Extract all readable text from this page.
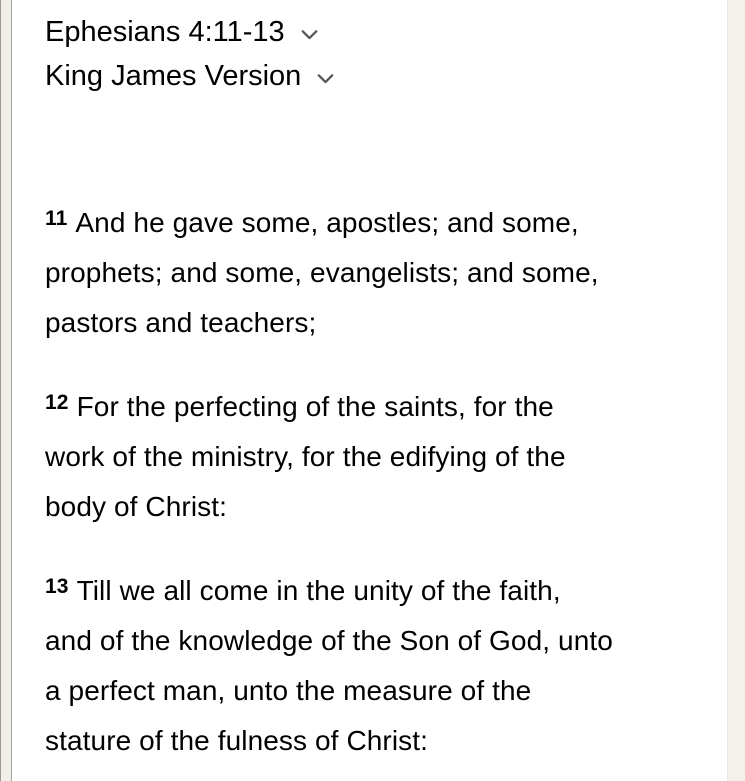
Ephesians 4:11-13
King James Version

$^{11}$ And he gave some, apostles; and some,
prophets; and some, evangelists; and some,
pastors and teachers;

$^{12}$ For the perfecting of the saints, for the
work of the ministry, for the edifying of the
body of Christ:

$^{13}$ Till we all come in the unity of the faith,
and of the knowledge of the Son of God, unto
a perfect man, unto the measure of the
stature of the fulness of Christ:
